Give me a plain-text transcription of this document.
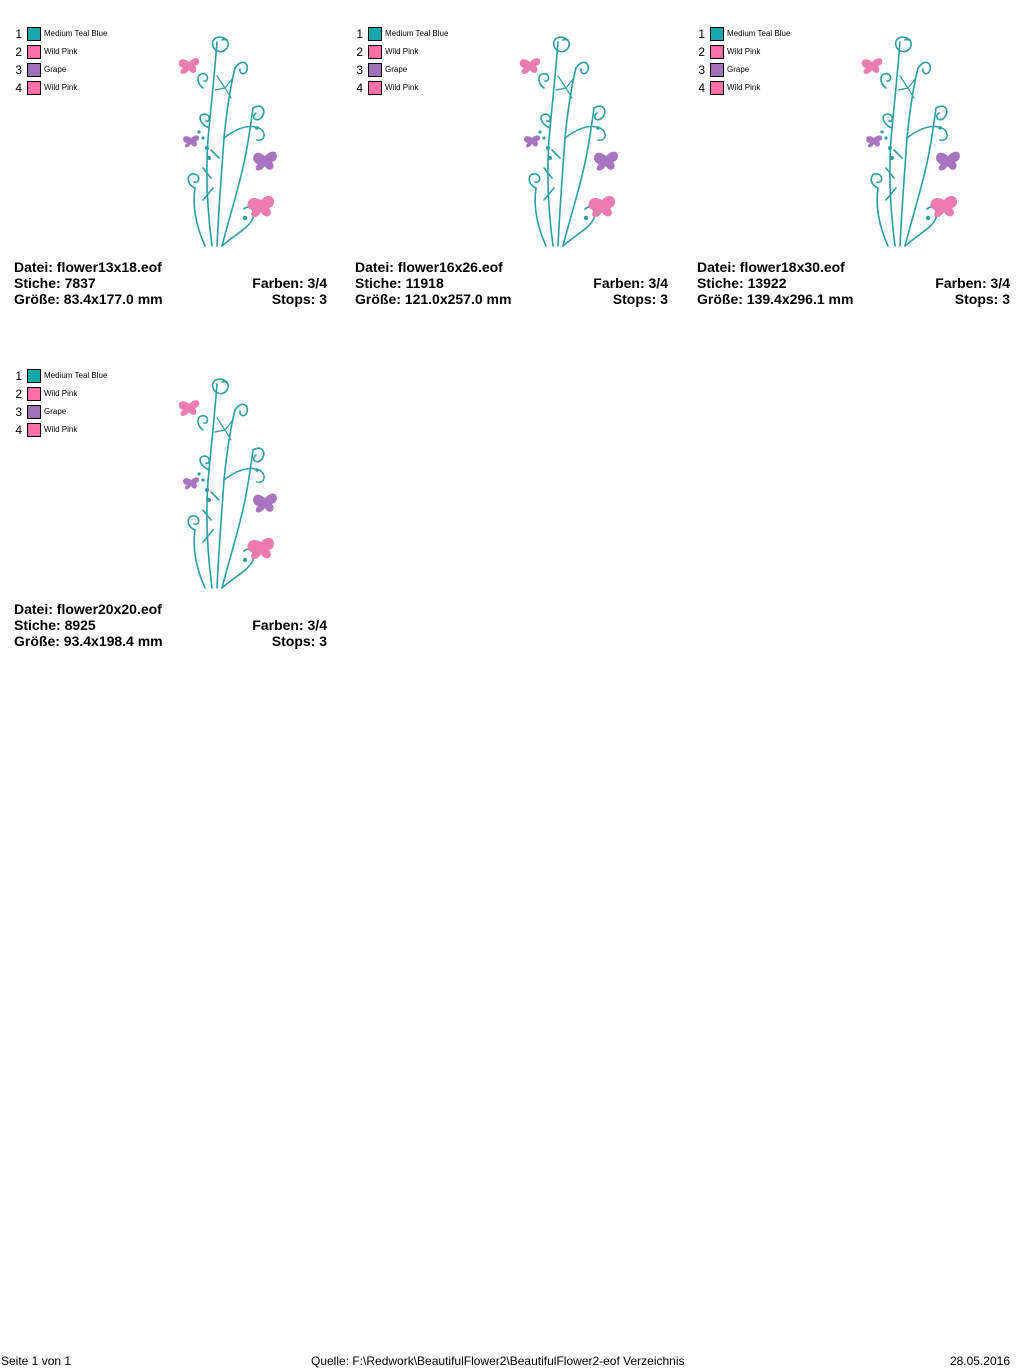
1	Medium Teal Blue
2	Wild Pink
3	Grape
4	Wild Pink
Datei: flower13x18.eof
Stiche: 7837	Farben: 3/4
Größe: 83.4x177.0 mm	Stops: 3
1	Medium Teal Blue
2	Wild Pink
3	Grape
4	Wild Pink
Datei: flower16x26.eof
Stiche: 11918	Farben: 3/4
Größe: 121.0x257.0 mm	Stops: 3
1	Medium Teal Blue
2	Wild Pink
3	Grape
4	Wild Pink
Datei: flower18x30.eof
Stiche: 13922	Farben: 3/4
Größe: 139.4x296.1 mm	Stops: 3
1	Medium Teal Blue
2	Wild Pink
3	Grape
4	Wild Pink
Datei: flower20x20.eof
Stiche: 8925	Farben: 3/4
Größe: 93.4x198.4 mm	Stops: 3
Seite 1 von 1	Quelle: F:\Redwork\BeautifulFlower2\BeautifulFlower2-eof Verzeichnis	28.05.2016
